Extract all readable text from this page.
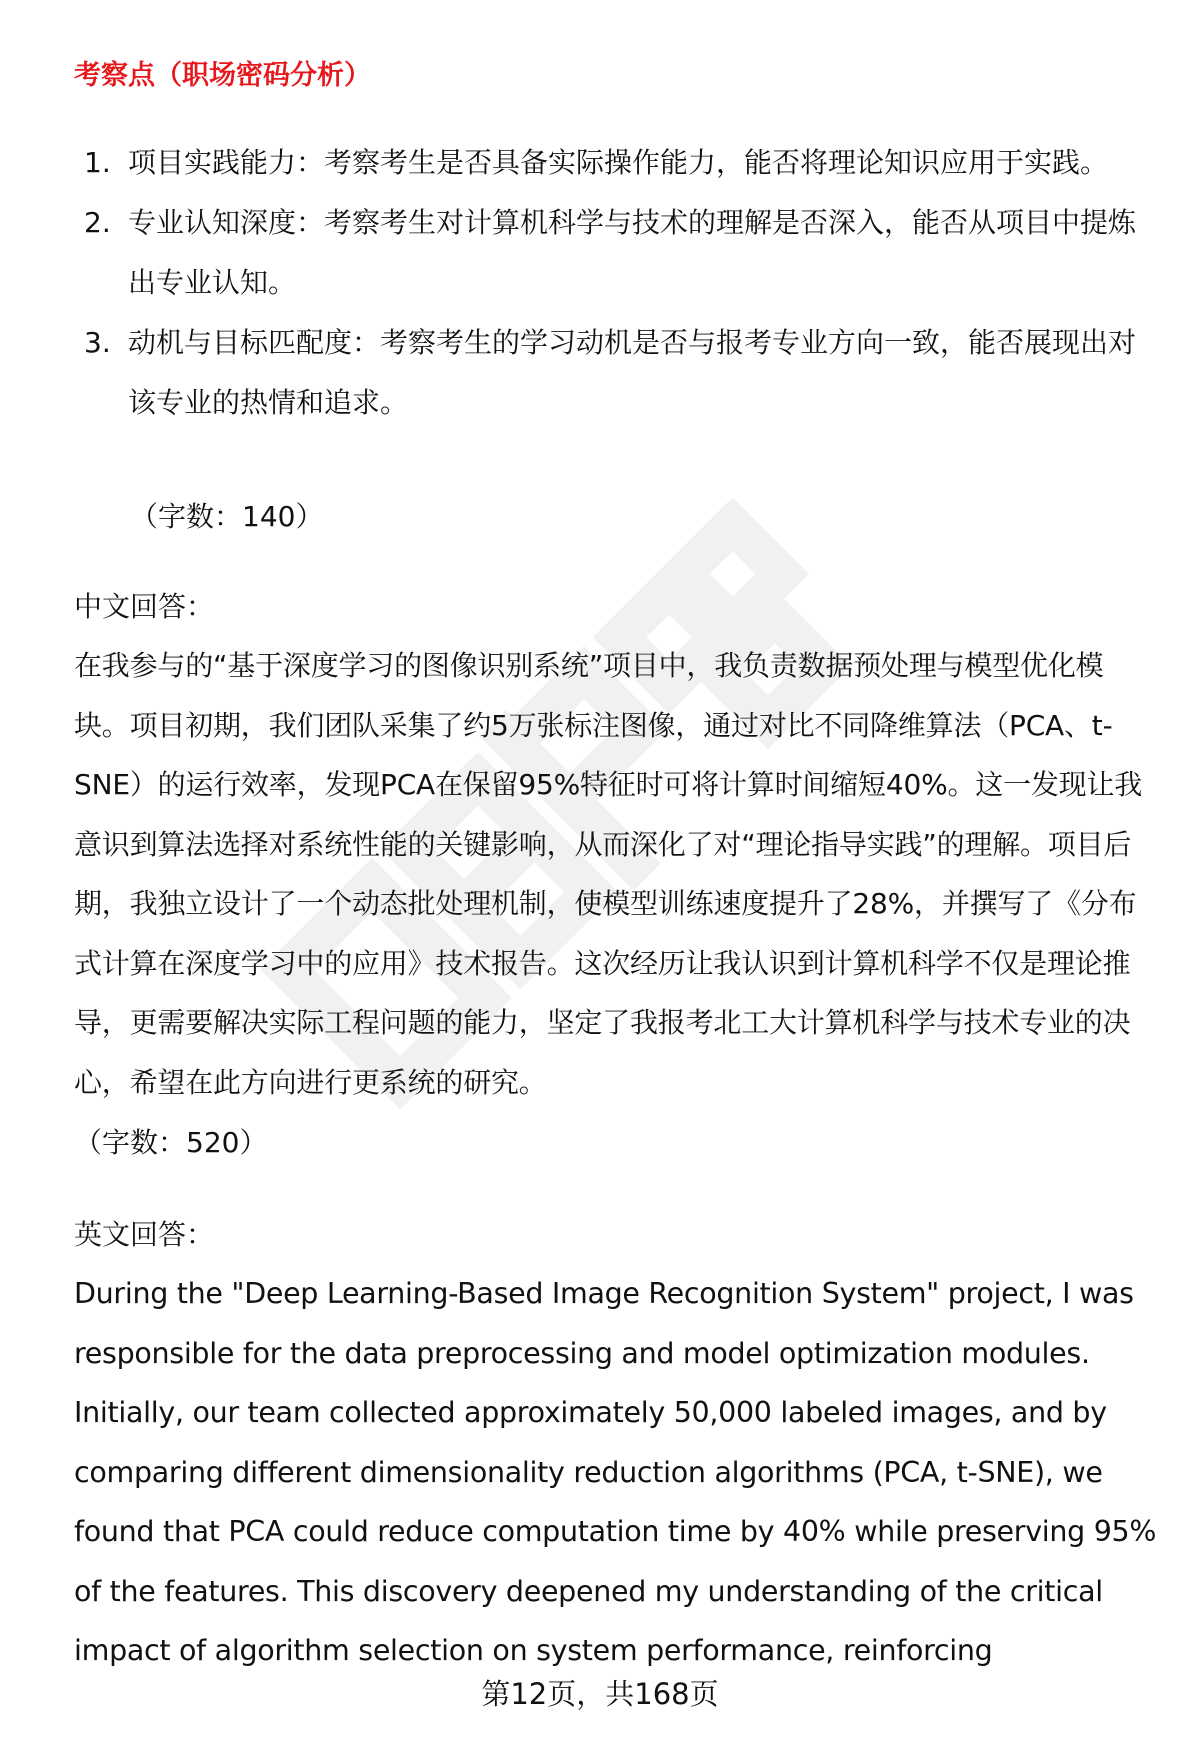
考察点（职场密码分析）
1. 项目实践能力：考察考生是否具备实际操作能力，能否将理论知识应用于实践。
2. 专业认知深度：考察考生对计算机科学与技术的理解是否深入，能否从项目中提炼出专业认知。
3. 动机与目标匹配度：考察考生的学习动机是否与报考专业方向一致，能否展现出对该专业的热情和追求。
（字数：140）

中文回答：

在我参与的“基于深度学习的图像识别系统”项目中，我负责数据预处理与模型优化模块。项目初期，我们团队采集了约5万张标注图像，通过对比不同降维算法（PCA、t-SNE）的运行效率，发现PCA在保留95%特征时可将计算时间缩短40%。这一发现让我意识到算法选择对系统性能的关键影响，从而深化了对“理论指导实践”的理解。项目后期，我独立设计了一个动态批处理机制，使模型训练速度提升了28%，并撰写了《分布式计算在深度学习中的应用》技术报告。这次经历让我认识到计算机科学不仅是理论推导，更需要解决实际工程问题的能力，坚定了我报考北工大计算机科学与技术专业的决心，希望在此方向进行更系统的研究。

（字数：520）

英文回答：

During the "Deep Learning-Based Image Recognition System" project, I was responsible for the data preprocessing and model optimization modules. Initially, our team collected approximately 50,000 labeled images, and by comparing different dimensionality reduction algorithms (PCA, t-SNE), we found that PCA could reduce computation time by 40% while preserving 95% of the features. This discovery deepened my understanding of the critical impact of algorithm selection on system performance, reinforcing

第12页，共168页
